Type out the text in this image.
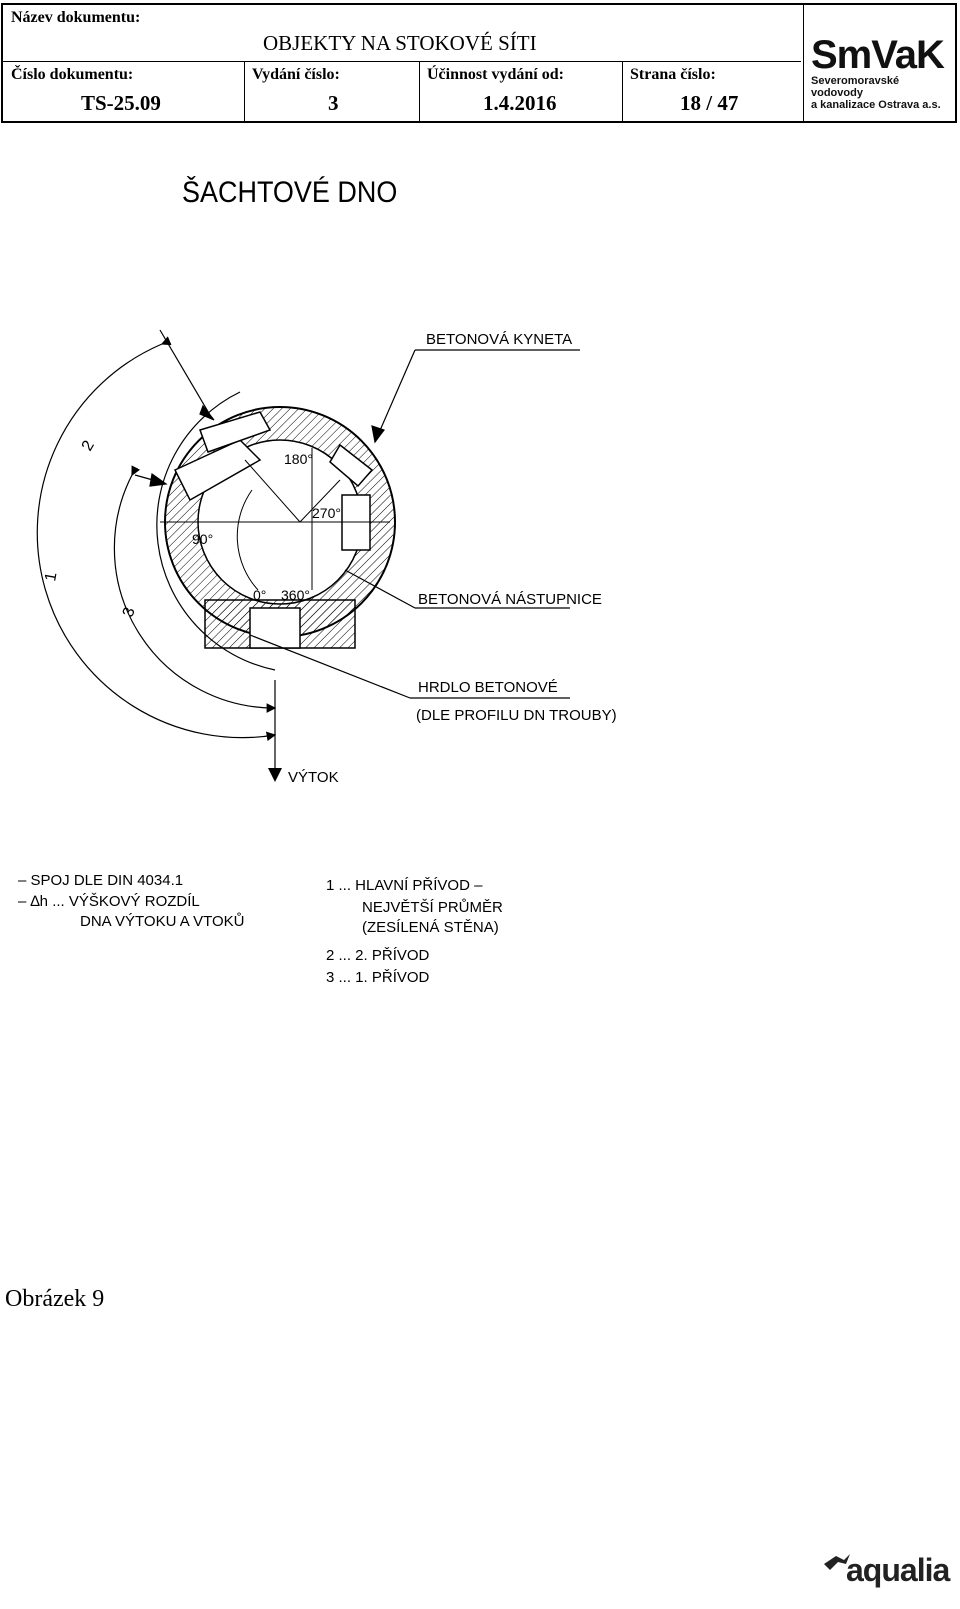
Název dokumentu:
OBJEKTY NA STOKOVÉ SÍTI
Číslo dokumentu:
TS-25.09
Vydání číslo:
3
Účinnost vydání od:
1.4.2016
Strana číslo:
18 / 47
SmVaK
Severomoravské vodovody
a kanalizace Ostrava a.s.
ŠACHTOVÉ DNO
180°
270°
90°
0° 360°
2
1
3
VÝTOK
BETONOVÁ KYNETA
BETONOVÁ NÁSTUPNICE
HRDLO BETONOVÉ
(DLE PROFILU DN TROUBY)
– SPOJ DLE DIN 4034.1
– ∆h ... VÝŠKOVÝ ROZDÍL
DNA VÝTOKU A VTOKŮ
1 ... HLAVNÍ PŘÍVOD –
NEJVĚTŠÍ PRŮMĚR
(ZESÍLENÁ STĚNA)
2 ... 2. PŘÍVOD
3 ... 1. PŘÍVOD
Obrázek 9
aqualia
